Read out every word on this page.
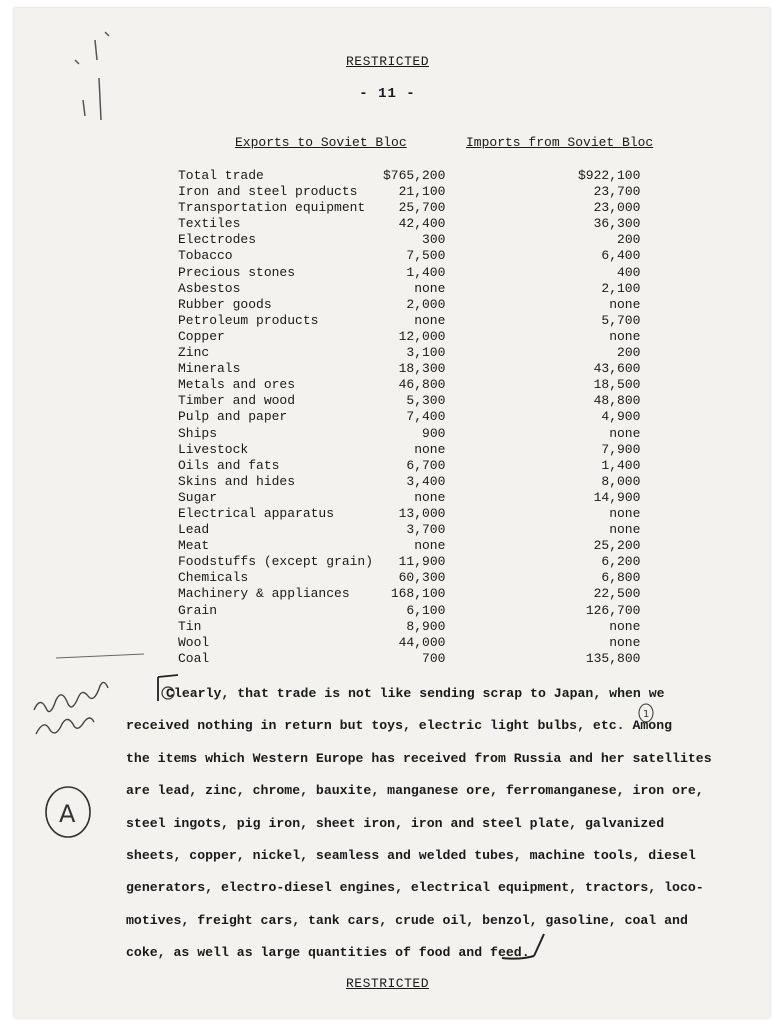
RESTRICTED
- 11 -
Exports to Soviet Bloc	Imports from Soviet Bloc
Total trade	$765,200	$922,100
Iron and steel products	21,100	23,700
Transportation equipment	25,700	23,000
Textiles	42,400	36,300
Electrodes	300	200
Tobacco	7,500	6,400
Precious stones	1,400	400
Asbestos	none	2,100
Rubber goods	2,000	none
Petroleum products	none	5,700
Copper	12,000	none
Zinc	3,100	200
Minerals	18,300	43,600
Metals and ores	46,800	18,500
Timber and wood	5,300	48,800
Pulp and paper	7,400	4,900
Ships	900	none
Livestock	none	7,900
Oils and fats	6,700	1,400
Skins and hides	3,400	8,000
Sugar	none	14,900
Electrical apparatus	13,000	none
Lead	3,700	none
Meat	none	25,200
Foodstuffs (except grain)	11,900	6,200
Chemicals	60,300	6,800
Machinery & appliances	168,100	22,500
Grain	6,100	126,700
Tin	8,900	none
Wool	44,000	none
Coal	700	135,800
A
1
Clearly, that trade is not like sending scrap to Japan, when we
received nothing in return but toys, electric light bulbs, etc. Among
the items which Western Europe has received from Russia and her satellites
are lead, zinc, chrome, bauxite, manganese ore, ferromanganese, iron ore,
steel ingots, pig iron, sheet iron, iron and steel plate, galvanized
sheets, copper, nickel, seamless and welded tubes, machine tools, diesel
generators, electro-diesel engines, electrical equipment, tractors, loco-
motives, freight cars, tank cars, crude oil, benzol, gasoline, coal and
coke, as well as large quantities of food and feed.
RESTRICTED
